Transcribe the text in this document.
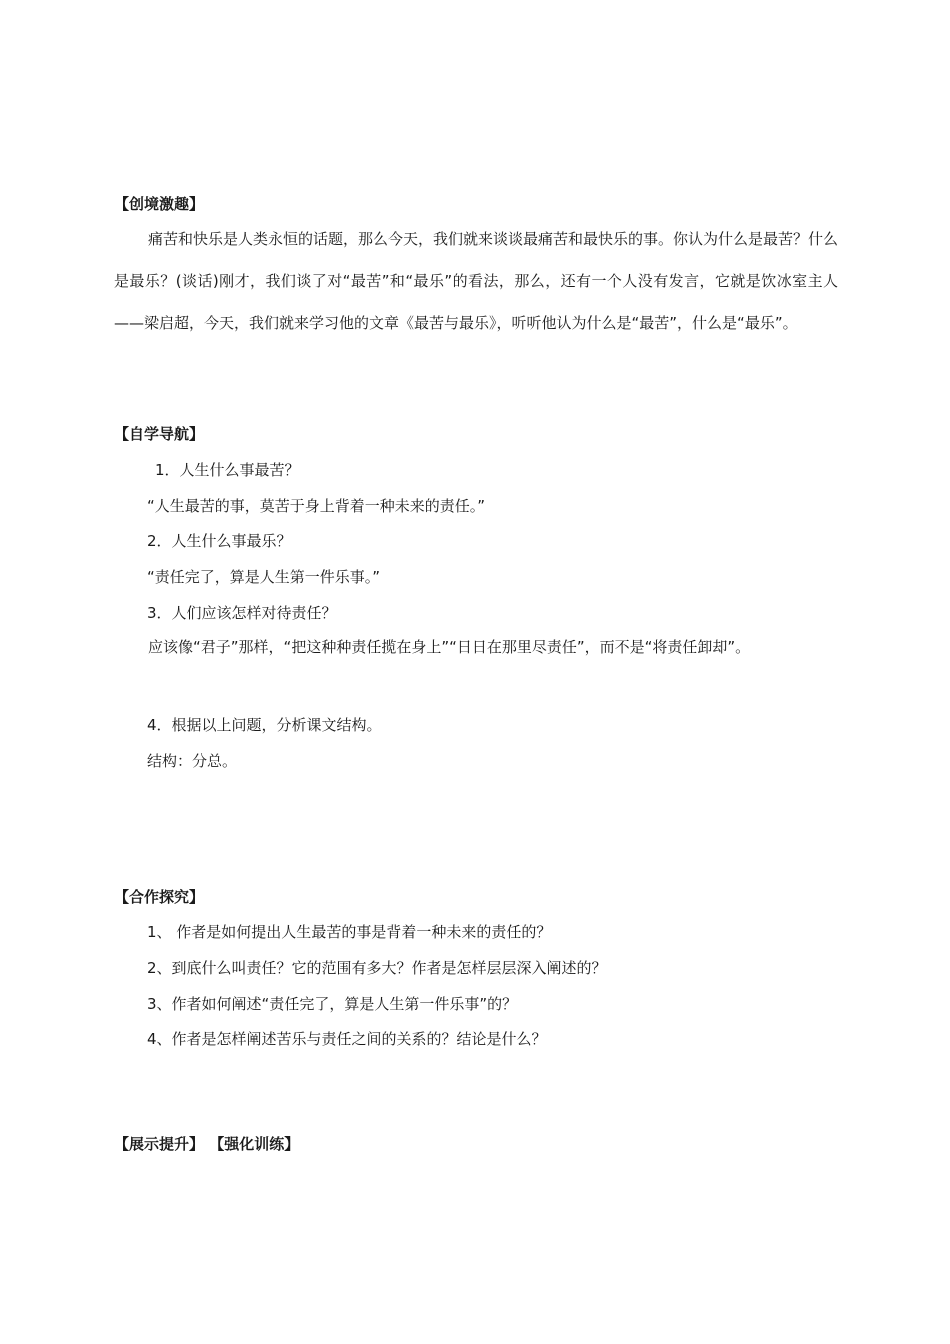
【创境激趣】
痛苦和快乐是人类永恒的话题，那么今天，我们就来谈谈最痛苦和最快乐的事。你认为什么是最苦？什么是最乐？(谈话)刚才，我们谈了对“最苦”和“最乐”的看法，那么，还有一个人没有发言，它就是饮冰室主人——梁启超，今天，我们就来学习他的文章《最苦与最乐》，听听他认为什么是“最苦”，什么是“最乐”。
【自学导航】
1．人生什么事最苦？
“人生最苦的事，莫苦于身上背着一种未来的责任。”
2．人生什么事最乐？
“责任完了，算是人生第一件乐事。”
3．人们应该怎样对待责任？
应该像“君子”那样，“把这种种责任揽在身上”“日日在那里尽责任”，而不是“将责任卸却”。
4．根据以上问题，分析课文结构。
结构：分总。
【合作探究】
1、 作者是如何提出人生最苦的事是背着一种未来的责任的？
2、到底什么叫责任？它的范围有多大？作者是怎样层层深入阐述的？
3、作者如何阐述“责任完了，算是人生第一件乐事”的？
4、作者是怎样阐述苦乐与责任之间的关系的？结论是什么？
【展示提升】 【强化训练】
